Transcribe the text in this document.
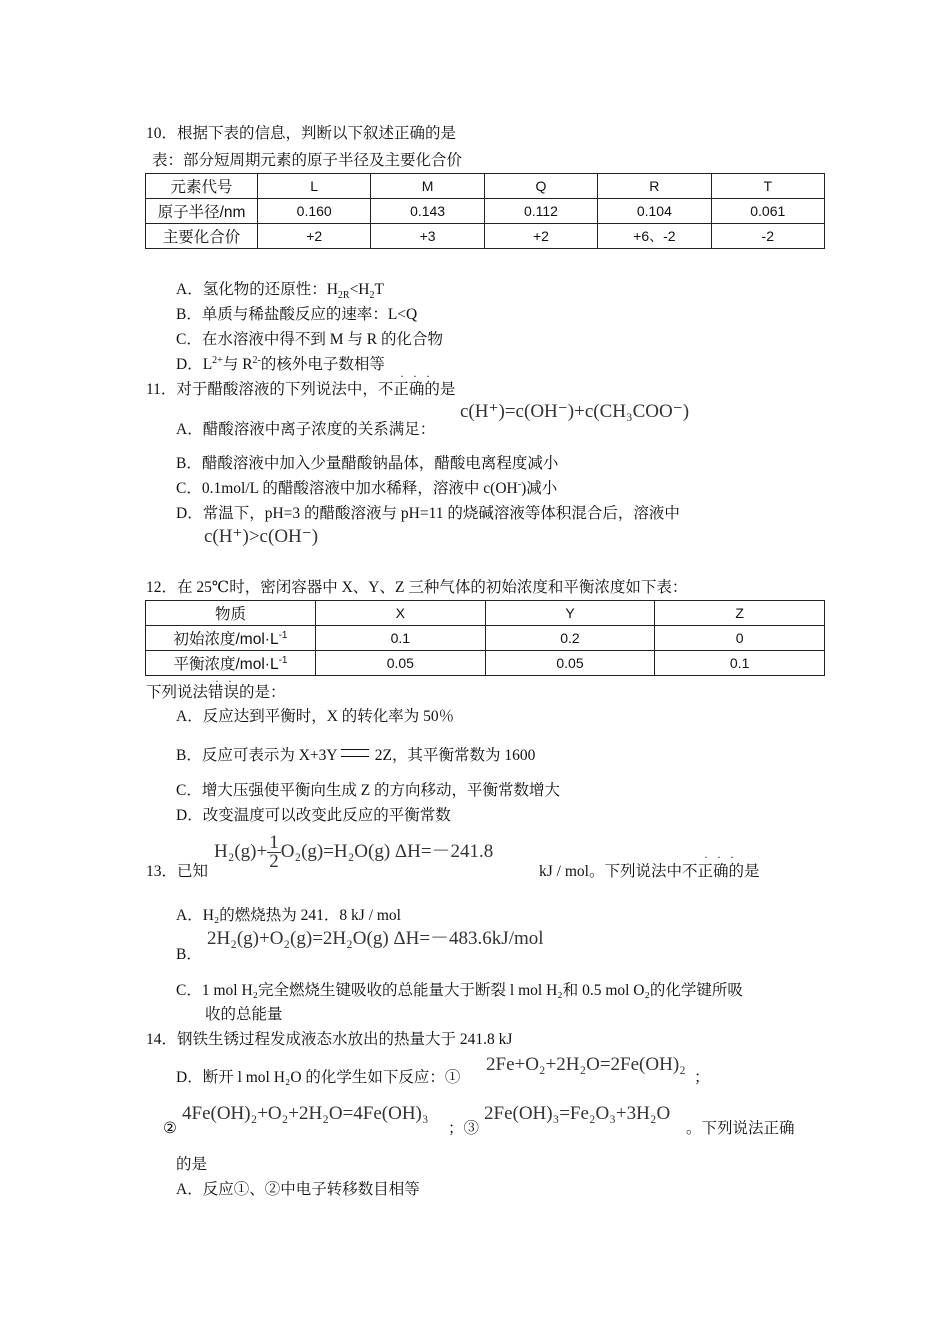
10．根据下表的信息，判断以下叙述正确的是
表：部分短周期元素的原子半径及主要化合价
元素代号	L	M	Q	R	T
原子半径/nm	0.160	0.143	0.112	0.104	0.061
主要化合价	+2	+3	+2	+6、-2	-2
A．氢化物的还原性：$H_{2R}<H_2T$
B．单质与稀盐酸反应的速率：L<Q
C．在水溶液中得不到 M 与 R 的化合物
D．$L^{2+}$与 $R^{2-}$的核外电子数相等
···
11．对于醋酸溶液的下列说法中，不正确的是
A．醋酸溶液中离子浓度的关系满足：
c(H⁺)=c(OH⁻)+c(CH₃COO⁻)
B．醋酸溶液中加入少量醋酸钠晶体，醋酸电离程度减小
C．0.1mol/L 的醋酸溶液中加水稀释，溶液中 c(OH-)减小
D．常温下，pH=3 的醋酸溶液与 pH=11 的烧碱溶液等体积混合后，溶液中
c(H⁺)>c(OH⁻)
12．在 25℃时，密闭容器中 X、Y、Z 三种气体的初始浓度和平衡浓度如下表：
物质	X	Y	Z
初始浓度$/mol\cdot L^{-1}$	0.1	0.2	0
平衡浓度$/mol\cdot L^{-1}$	0.05	0.05	0.1
··
下列说法错误的是：
A．反应达到平衡时，X 的转化率为 50％
B．反应可表示为 X+3Y 2Z，其平衡常数为 1600
C．增大压强使平衡向生成 Z 的方向移动，平衡常数增大
D．改变温度可以改变此反应的平衡常数
$H_2(g)+ \frac{1}{2} O_2(g)=H_2O(g)$ ΔH=－241.8
13．已知
···
kJ / mol。下列说法中不正确的是
A．H₂的燃烧热为 241．8 kJ / mol
2H₂(g)+O₂(g)=2H₂O(g) ΔH=－483.6kJ/mol
B．
C．1 mol H₂完全燃烧生键吸收的总能量大于断裂 l mol H₂和 0.5 mol O₂的化学键所吸
收的总能量
14．钢铁生锈过程发成液态水放出的热量大于 241.8 kJ
D．断开 l mol H₂O 的化学生如下反应：①
2Fe+O₂+2H₂O=2Fe(OH)₂
；
②
4Fe(OH)₂+O₂+2H₂O=4Fe(OH)₃
；③
2Fe(OH)₃=Fe₂O₃+3H₂O
。下列说法正确
的是
A．反应①、②中电子转移数目相等
